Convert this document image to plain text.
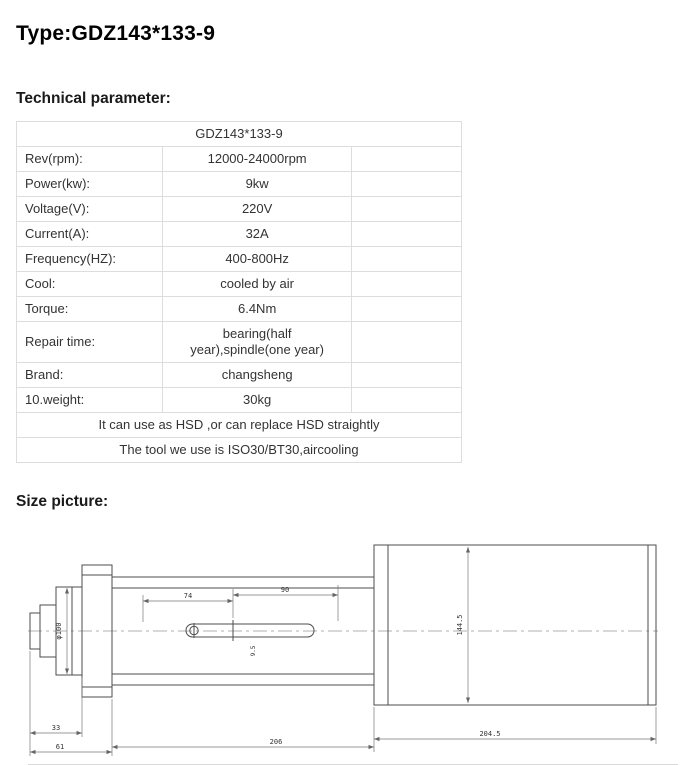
Type:GDZ143*133-9
Technical parameter:
GDZ143*133-9		
Rev(rpm):	12000-24000rpm	
Power(kw):	9kw	
Voltage(V):	220V	
Current(A):	32A	
Frequency(HZ):	400-800Hz	
Cool:	cooled by air	
Torque:	6.4Nm	
Repair time:	bearing(half year),spindle(one year)	
Brand:	changsheng	
10.weight:	30kg	
It can use as HSD ,or can replace HSD straightly		
The tool we use is ISO30/BT30,aircooling		
Size picture:
74
90
9.5
φ100	144.5
33
61
206
204.5
